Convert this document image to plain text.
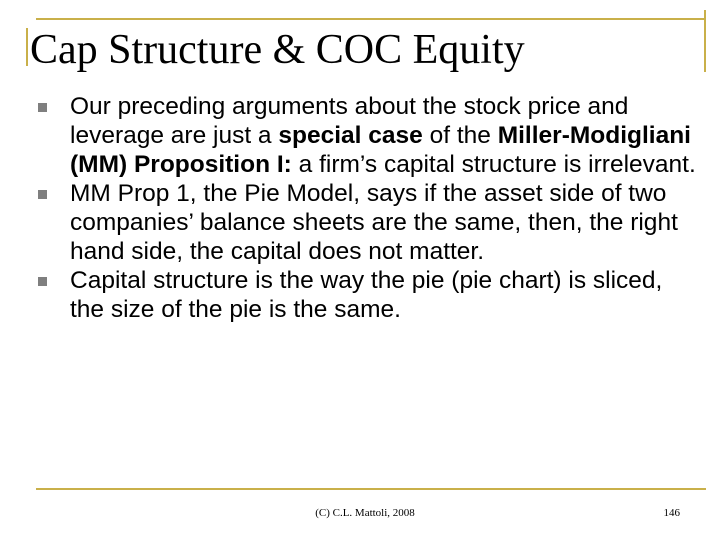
Cap Structure & COC Equity
Our preceding arguments about the stock price and leverage are just a special case of the Miller-Modigliani (MM) Proposition I: a firm’s capital structure is irrelevant.
MM Prop 1, the Pie Model, says if the asset side of two companies’ balance sheets are the same, then, the right hand side, the capital does not matter.
Capital structure is the way the pie (pie chart) is sliced, the size of the pie is the same.
(C) C.L. Mattoli, 2008	146
